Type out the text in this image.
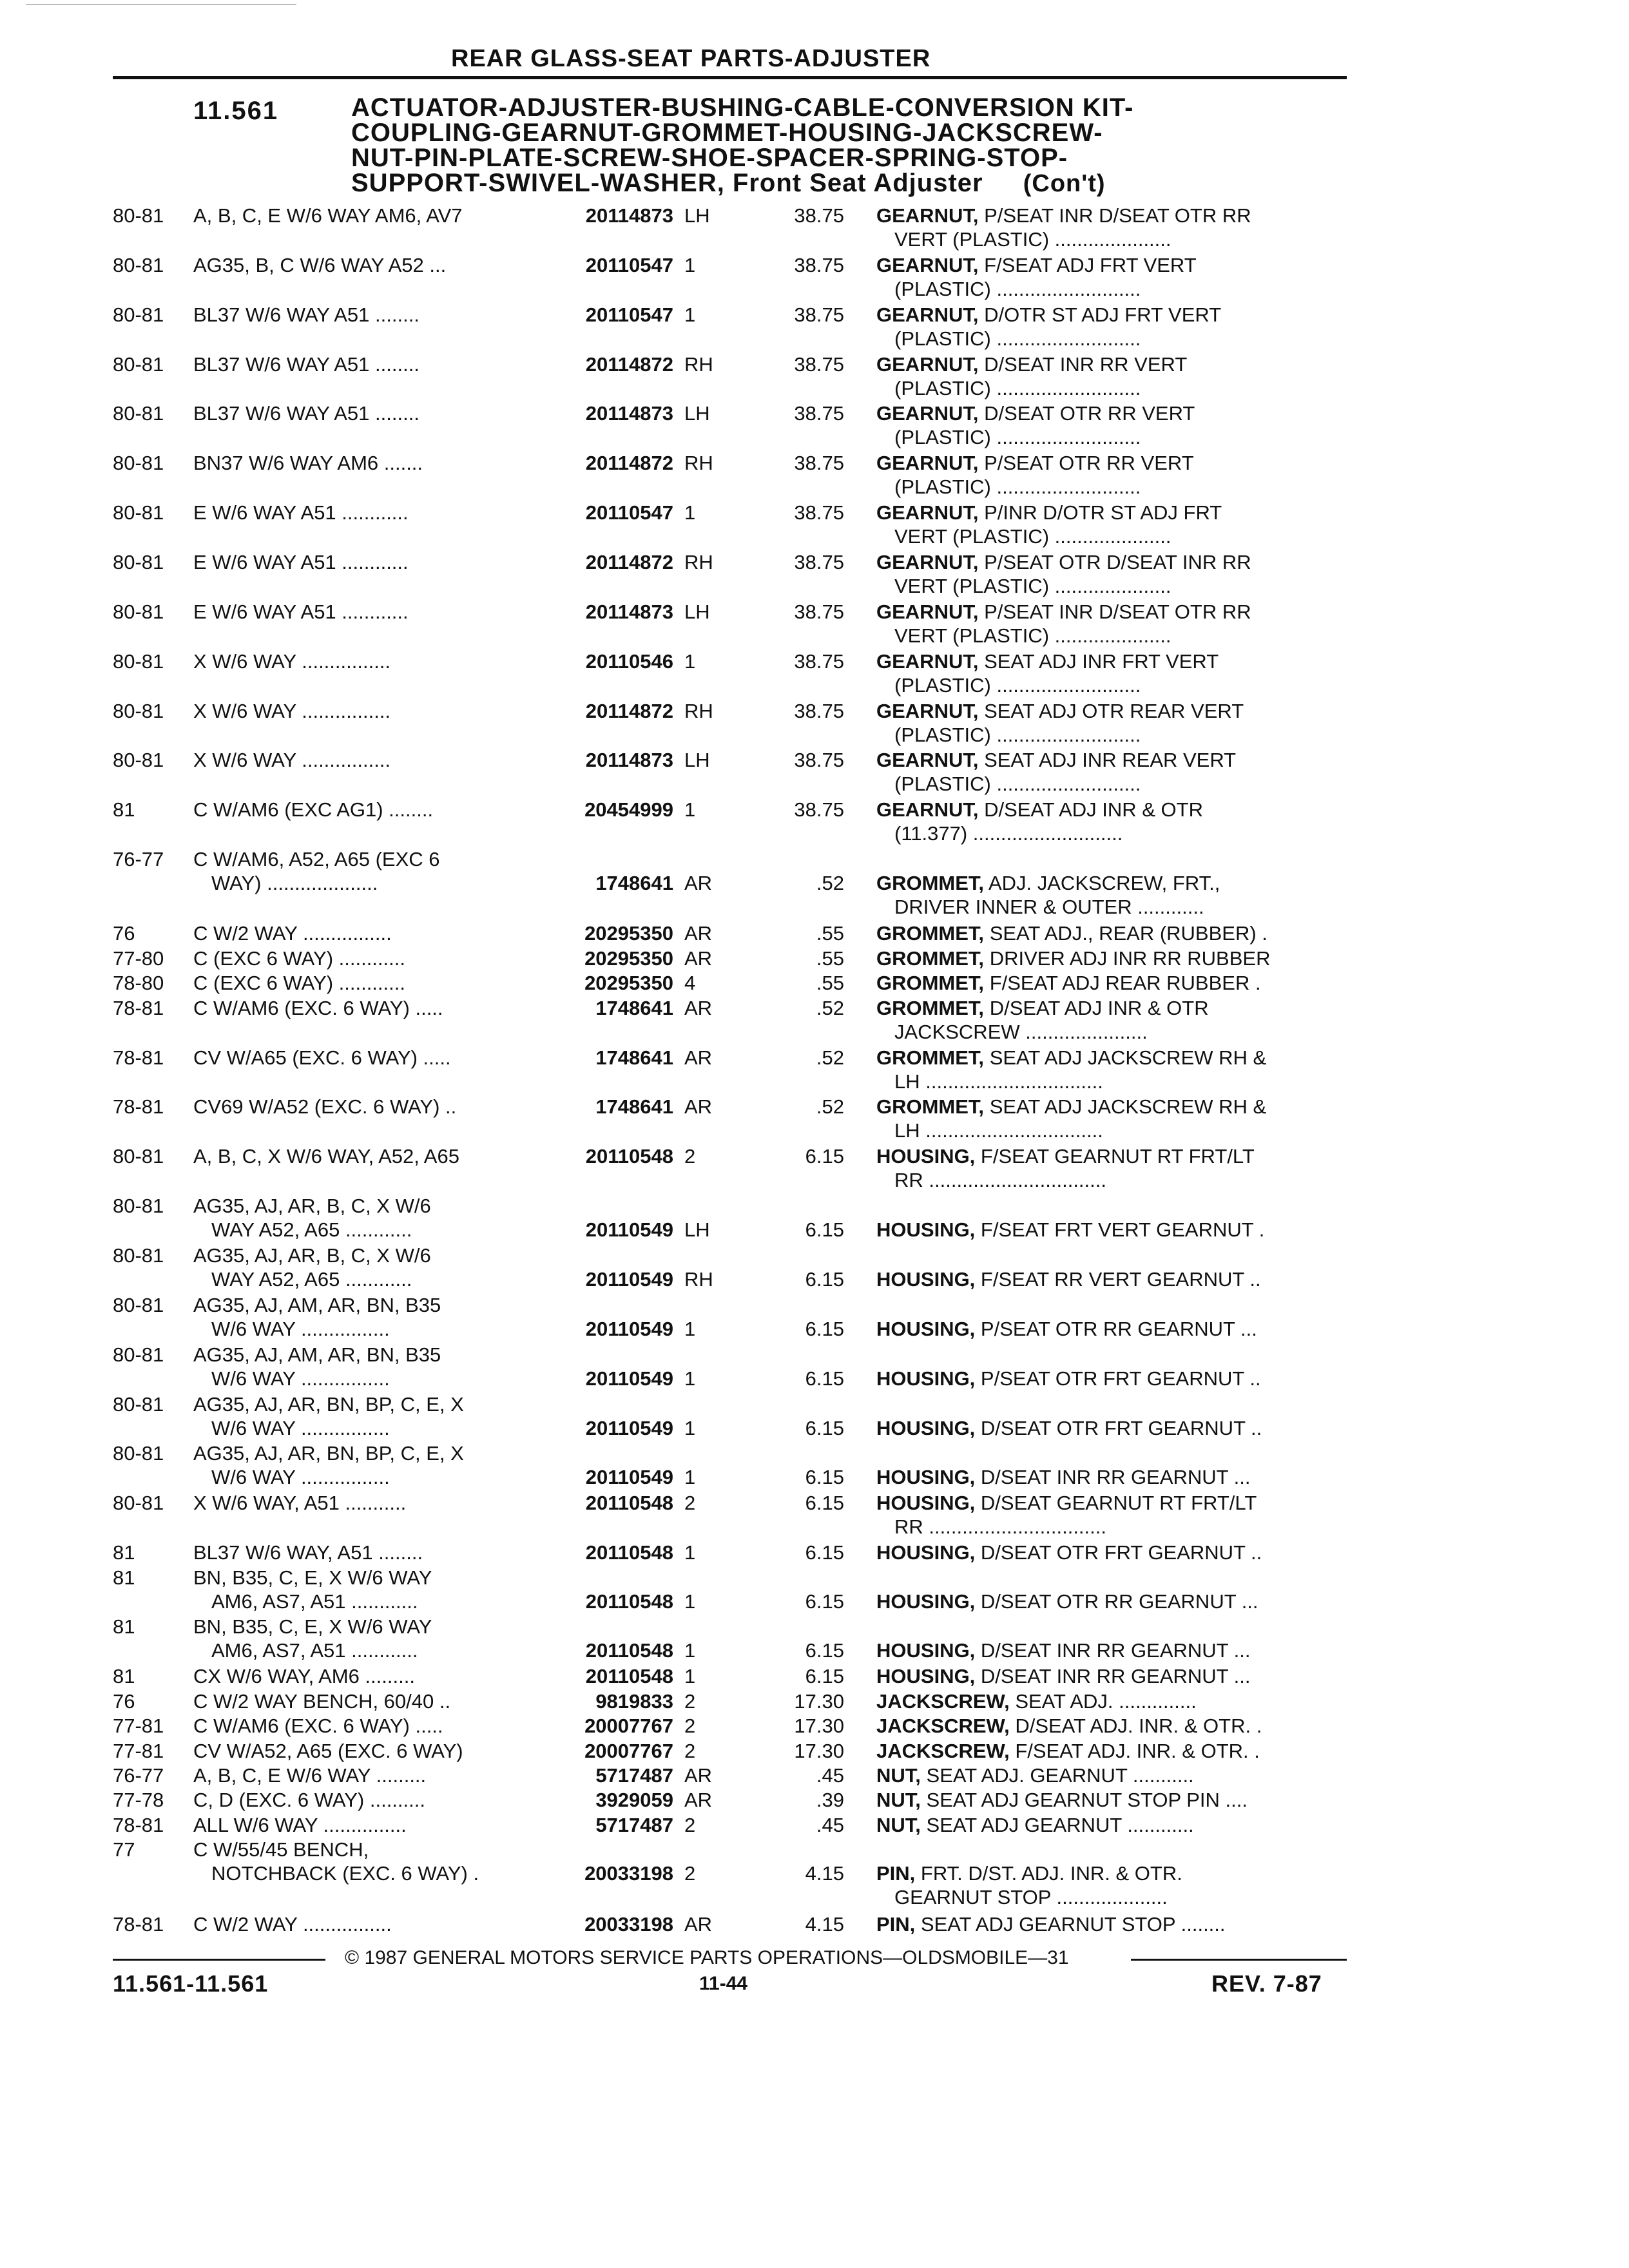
REAR GLASS-SEAT PARTS-ADJUSTER
11.561	ACTUATOR-ADJUSTER-BUSHING-CABLE-CONVERSION KIT-
COUPLING-GEARNUT-GROMMET-HOUSING-JACKSCREW-
NUT-PIN-PLATE-SCREW-SHOE-SPACER-SPRING-STOP-
SUPPORT-SWIVEL-WASHER, Front Seat Adjuster (Con't)
80-81 A, B, C, E W/6 WAY AM6, AV7	20114873 LH	38.75 GEARNUT, P/SEAT INR D/SEAT OTR RR
VERT (PLASTIC) .....................
80-81 AG35, B, C W/6 WAY A52 ...	20110547 1	38.75 GEARNUT, F/SEAT ADJ FRT VERT
(PLASTIC) ..........................
80-81 BL37 W/6 WAY A51 ........	20110547 1	38.75 GEARNUT, D/OTR ST ADJ FRT VERT
(PLASTIC) ..........................
80-81 BL37 W/6 WAY A51 ........	20114872 RH	38.75 GEARNUT, D/SEAT INR RR VERT
(PLASTIC) ..........................
80-81 BL37 W/6 WAY A51 ........	20114873 LH	38.75 GEARNUT, D/SEAT OTR RR VERT
(PLASTIC) ..........................
80-81 BN37 W/6 WAY AM6 .......	20114872 RH	38.75 GEARNUT, P/SEAT OTR RR VERT
(PLASTIC) ..........................
80-81 E W/6 WAY A51 ............	20110547 1	38.75 GEARNUT, P/INR D/OTR ST ADJ FRT
VERT (PLASTIC) .....................
80-81 E W/6 WAY A51 ............	20114872 RH	38.75 GEARNUT, P/SEAT OTR D/SEAT INR RR
VERT (PLASTIC) .....................
80-81 E W/6 WAY A51 ............	20114873 LH	38.75 GEARNUT, P/SEAT INR D/SEAT OTR RR
VERT (PLASTIC) .....................
80-81 X W/6 WAY ................	20110546 1	38.75 GEARNUT, SEAT ADJ INR FRT VERT
(PLASTIC) ..........................
80-81 X W/6 WAY ................	20114872 RH	38.75 GEARNUT, SEAT ADJ OTR REAR VERT
(PLASTIC) ..........................
80-81 X W/6 WAY ................	20114873 LH	38.75 GEARNUT, SEAT ADJ INR REAR VERT
(PLASTIC) ..........................
81	C W/AM6 (EXC AG1) ........	20454999 1	38.75 GEARNUT, D/SEAT ADJ INR & OTR
(11.377) ...........................
76-77 C W/AM6, A52, A65 (EXC 6
WAY) ....................	1748641 AR	.52 GROMMET, ADJ. JACKSCREW, FRT.,
DRIVER INNER & OUTER ............
76	C W/2 WAY ................	20295350 AR	.55 GROMMET, SEAT ADJ., REAR (RUBBER) .
77-80 C (EXC 6 WAY) ............	20295350 AR	.55 GROMMET, DRIVER ADJ INR RR RUBBER
78-80 C (EXC 6 WAY) ............	20295350 4	.55 GROMMET, F/SEAT ADJ REAR RUBBER .
78-81 C W/AM6 (EXC. 6 WAY) .....	1748641 AR	.52 GROMMET, D/SEAT ADJ INR & OTR
JACKSCREW ......................
78-81 CV W/A65 (EXC. 6 WAY) .....	1748641 AR	.52 GROMMET, SEAT ADJ JACKSCREW RH &
LH ................................
78-81 CV69 W/A52 (EXC. 6 WAY) ..	1748641 AR	.52 GROMMET, SEAT ADJ JACKSCREW RH &
LH ................................
80-81 A, B, C, X W/6 WAY, A52, A65	20110548 2	6.15 HOUSING, F/SEAT GEARNUT RT FRT/LT
RR ................................
80-81 AG35, AJ, AR, B, C, X W/6
WAY A52, A65 ............	20110549 LH	6.15 HOUSING, F/SEAT FRT VERT GEARNUT .
80-81 AG35, AJ, AR, B, C, X W/6
WAY A52, A65 ............	20110549 RH	6.15 HOUSING, F/SEAT RR VERT GEARNUT ..
80-81 AG35, AJ, AM, AR, BN, B35
W/6 WAY ................	20110549 1	6.15 HOUSING, P/SEAT OTR RR GEARNUT ...
80-81 AG35, AJ, AM, AR, BN, B35
W/6 WAY ................	20110549 1	6.15 HOUSING, P/SEAT OTR FRT GEARNUT ..
80-81 AG35, AJ, AR, BN, BP, C, E, X
W/6 WAY ................	20110549 1	6.15 HOUSING, D/SEAT OTR FRT GEARNUT ..
80-81 AG35, AJ, AR, BN, BP, C, E, X
W/6 WAY ................	20110549 1	6.15 HOUSING, D/SEAT INR RR GEARNUT ...
80-81 X W/6 WAY, A51 ...........	20110548 2	6.15 HOUSING, D/SEAT GEARNUT RT FRT/LT
RR ................................
81	BL37 W/6 WAY, A51 ........	20110548 1	6.15 HOUSING, D/SEAT OTR FRT GEARNUT ..
81	BN, B35, C, E, X W/6 WAY
AM6, AS7, A51 ............	20110548 1	6.15 HOUSING, D/SEAT OTR RR GEARNUT ...
81	BN, B35, C, E, X W/6 WAY
AM6, AS7, A51 ............	20110548 1	6.15 HOUSING, D/SEAT INR RR GEARNUT ...
81	CX W/6 WAY, AM6 .........	20110548 1	6.15 HOUSING, D/SEAT INR RR GEARNUT ...
76	C W/2 WAY BENCH, 60/40 ..	9819833 2	17.30 JACKSCREW, SEAT ADJ. ..............
77-81 C W/AM6 (EXC. 6 WAY) .....	20007767 2	17.30 JACKSCREW, D/SEAT ADJ. INR. & OTR. .
77-81 CV W/A52, A65 (EXC. 6 WAY)	20007767 2	17.30 JACKSCREW, F/SEAT ADJ. INR. & OTR. .
76-77 A, B, C, E W/6 WAY .........	5717487 AR	.45 NUT, SEAT ADJ. GEARNUT ...........
77-78 C, D (EXC. 6 WAY) ..........	3929059 AR	.39 NUT, SEAT ADJ GEARNUT STOP PIN ....
78-81 ALL W/6 WAY ...............	5717487 2	.45 NUT, SEAT ADJ GEARNUT ............
77	C W/55/45 BENCH,
NOTCHBACK (EXC. 6 WAY) .	20033198 2	4.15 PIN, FRT. D/ST. ADJ. INR. & OTR.
GEARNUT STOP ....................
78-81 C W/2 WAY ................	20033198 AR	4.15 PIN, SEAT ADJ GEARNUT STOP ........
© 1987 GENERAL MOTORS SERVICE PARTS OPERATIONS—OLDSMOBILE—31
11.561-11.561	11-44	REV. 7-87
